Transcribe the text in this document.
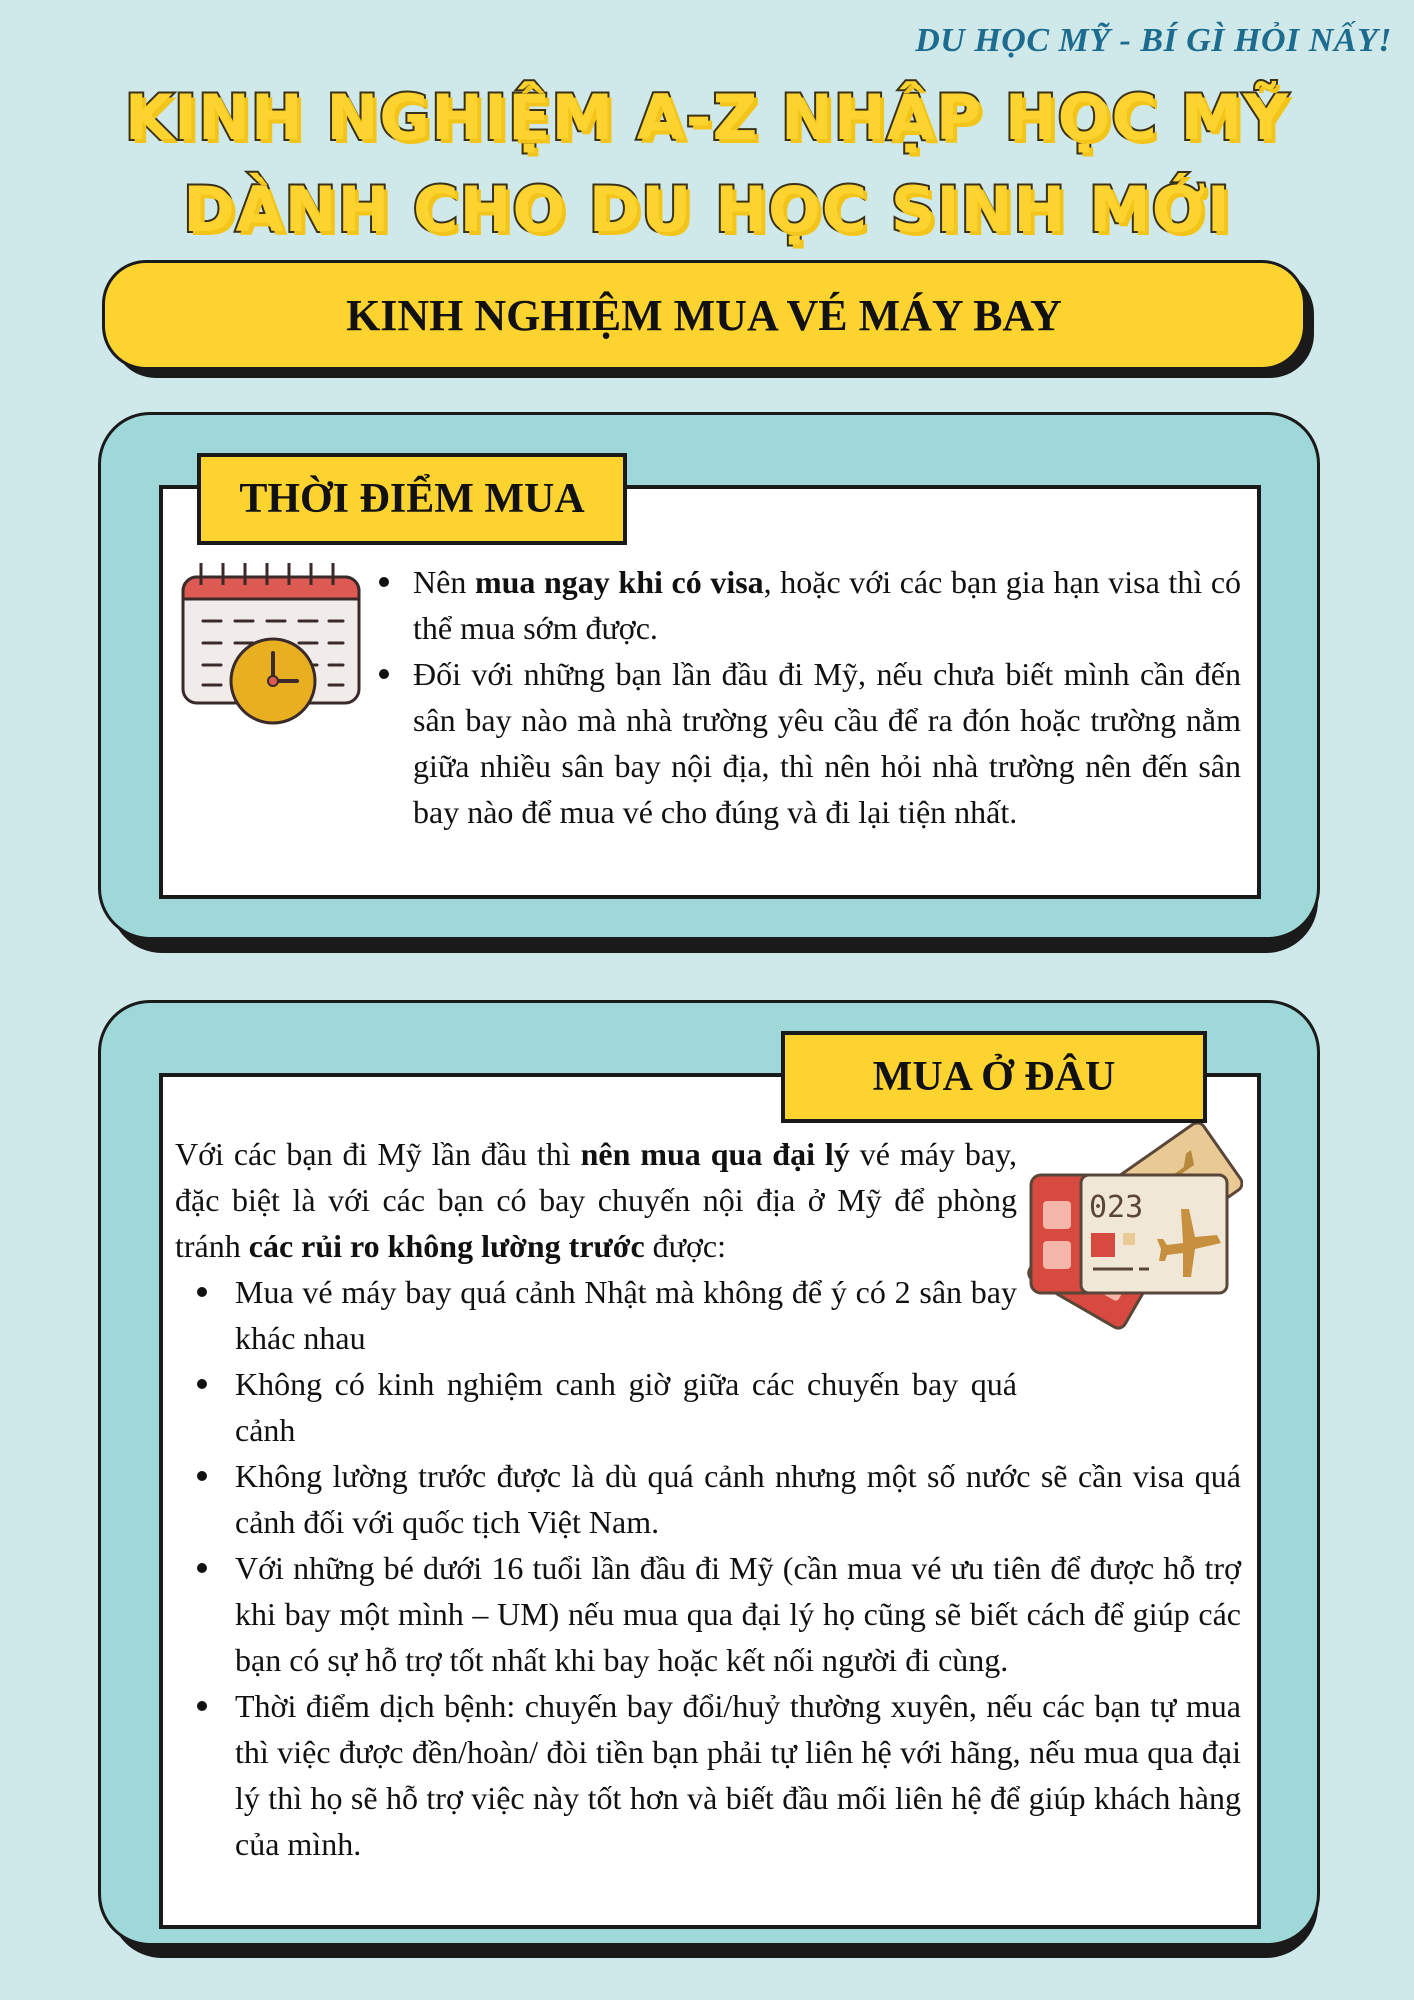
DU HỌC MỸ - BÍ GÌ HỎI NẤY!
KINH NGHIỆM A-Z NHẬP HỌC MỸ
DÀNH CHO DU HỌC SINH MỚI
KINH NGHIỆM MUA VÉ MÁY BAY
Nên mua ngay khi có visa, hoặc với các bạn gia hạn visa thì có thể mua sớm được.
Đối với những bạn lần đầu đi Mỹ, nếu chưa biết mình cần đến sân bay nào mà nhà trường yêu cầu để ra đón hoặc trường nằm giữa nhiều sân bay nội địa, thì nên hỏi nhà trường nên đến sân bay nào để mua vé cho đúng và đi lại tiện nhất.
THỜI ĐIỂM MUA
Với các bạn đi Mỹ lần đầu thì nên mua qua đại lý vé máy bay, đặc biệt là với các bạn có bay chuyến nội địa ở Mỹ để phòng tránh các rủi ro không lường trước được:
023
Mua vé máy bay quá cảnh Nhật mà không để ý có 2 sân bay khác nhau
Không có kinh nghiệm canh giờ giữa các chuyến bay quá cảnh
Không lường trước được là dù quá cảnh nhưng một số nước sẽ cần visa quá cảnh đối với quốc tịch Việt Nam.
Với những bé dưới 16 tuổi lần đầu đi Mỹ (cần mua vé ưu tiên để được hỗ trợ khi bay một mình – UM) nếu mua qua đại lý họ cũng sẽ biết cách để giúp các bạn có sự hỗ trợ tốt nhất khi bay hoặc kết nối người đi cùng.
Thời điểm dịch bệnh: chuyến bay đổi/huỷ thường xuyên, nếu các bạn tự mua thì việc được đền/hoàn/ đòi tiền bạn phải tự liên hệ với hãng, nếu mua qua đại lý thì họ sẽ hỗ trợ việc này tốt hơn và biết đầu mối liên hệ để giúp khách hàng của mình.
MUA Ở ĐÂU
